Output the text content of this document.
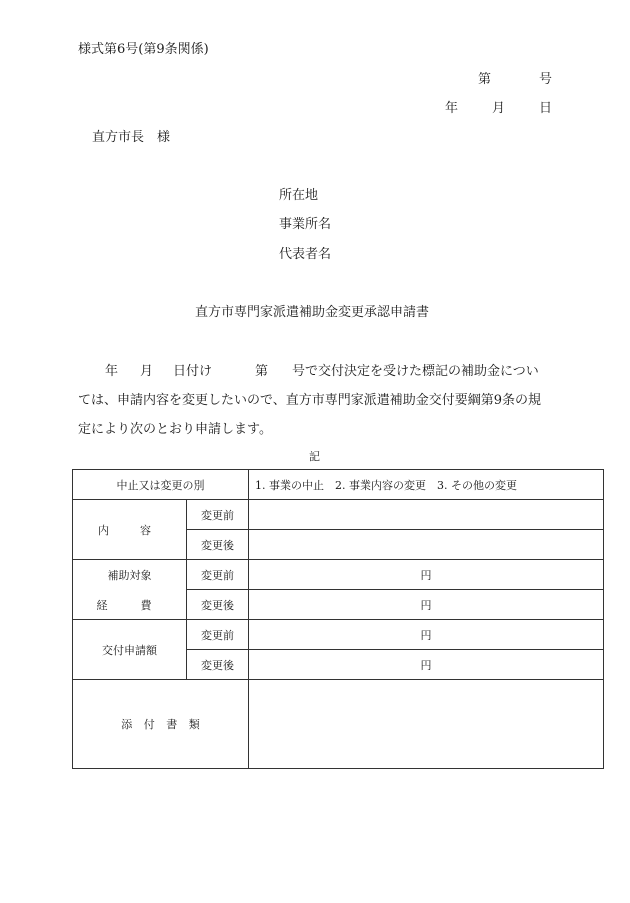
様式第6号(第9条関係)
第	号
年	月	日
直方市長　様
所在地
事業所名
代表者名
直方市専門家派遣補助金変更承認申請書
年 月 日付け	第 号で交付決定を受けた標記の補助金につい
ては、申請内容を変更したいので、直方市専門家派遣補助金交付要綱第9条の規
定により次のとおり申請します。
記
中止又は変更の別		1. 事業の中止　2. 事業内容の変更　3. その他の変更
内　容	変更前	
	変更後	

補助対象
経　費	変更前	円
	変更後	円
交付申請額	変更前	円
	変更後	円
添 付 書 類		
